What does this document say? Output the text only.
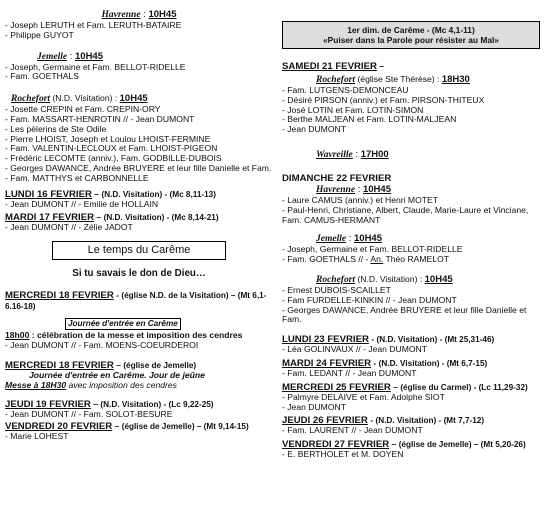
Havrenne : 10H45
- Joseph LERUTH et Fam. LERUTH-BATAIRE
- Philippe GUYOT
Jemelle : 10H45
- Joseph, Germaine et Fam. BELLOT-RIDELLE
- Fam. GOETHALS
Rochefort (N.D. Visitation) : 10H45
- Josette CREPIN et Fam. CREPIN-ORY
- Fam. MASSART-HENROTIN // - Jean DUMONT
- Les pèlerins de Ste Odile
- Pierre LHOIST, Joseph et Loulou LHOIST-FERMINE
- Fam. VALENTIN-LECLOUX et Fam. LHOIST-PIGEON
- Frédéric LECOMTE (anniv.), Fam. GODBILLE-DUBOIS
- Georges DAWANCE, Andrée BRUYERE et leur fille Danielle et Fam. - Fam. MATTHYS et CARBONNELLE
LUNDI 16 FEVRIER – (N.D. Visitation) - (Mc 8,11-13)
- Jean DUMONT // - Emilie de HOLLAIN
MARDI 17 FEVRIER – (N.D. Visitation) - (Mc 8,14-21)
- Jean DUMONT // - Zélie JADOT
Le temps du Carême
Si tu savais le don de Dieu…
MERCREDI 18 FEVRIER - (église N.D. de la Visitation) – (Mt 6,1-6.16-18)
Journée d'entrée en Carême
18h00 : célébration de la messe et imposition des cendres
- Jean DUMONT // - Fam. MOENS-COEURDEROI
MERCREDI 18 FEVRIER – (église de Jemelle)
Journée d'entrée en Carême. Jour de jeûne
Messe à 18H30 avec imposition des cendres
JEUDI 19 FEVRIER – (N.D. Visitation) - (Lc 9,22-25)
- Jean DUMONT // - Fam. SOLOT-BESURE
VENDREDI 20 FEVRIER – (église de Jemelle) – (Mt 9,14-15)
- Marie LOHEST
1er dim. de Carême - (Mc 4,1-11)
«Puiser dans la Parole pour résister au Mal»
SAMEDI 21 FEVRIER –
Rochefort (église Ste Thérèse) : 18H30
- Fam. LUTGENS-DEMONCEAU
- Désiré PIRSON (anniv.) et Fam. PIRSON-THITEUX
- José LOTIN et Fam. LOTIN-SIMON
- Berthe MALJEAN et Fam. LOTIN-MALJEAN
- Jean DUMONT
Wavreille : 17H00
DIMANCHE 22 FEVRIER
Havrenne : 10H45
- Laure CAMUS (anniv.) et Henri MOTET
- Paul-Henri, Christiane, Albert, Claude, Marie-Laure et Vinciane, Fam. CAMUS-HERMANT
Jemelle : 10H45
- Joseph, Germaine et Fam. BELLOT-RIDELLE
- Fam. GOETHALS // - An. Théo RAMELOT
Rochefort (N.D. Visitation) : 10H45
- Ernest DUBOIS-SCAILLET
- Fam FURDELLE-KINKIN // - Jean DUMONT
- Georges DAWANCE, Andrée BRUYERE et leur fille Danielle et Fam.
LUNDI 23 FEVRIER - (N.D. Visitation) - (Mt 25,31-46)
- Léa GOLINVAUX // - Jean DUMONT
MARDI 24 FEVRIER - (N.D. Visitation) - (Mt 6,7-15)
- Fam. LEDANT // - Jean DUMONT
MERCREDI 25 FEVRIER – (église du Carmel) - (Lc 11,29-32)
- Palmyre DELAIVE et Fam. Adolphe SIOT
- Jean DUMONT
JEUDI 26 FEVRIER - (N.D. Visitation) - (Mt 7,7-12)
- Fam. LAURENT // - Jean DUMONT
VENDREDI 27 FEVRIER – (église de Jemelle) – (Mt 5,20-26)
- E. BERTHOLET et M. DOYEN
